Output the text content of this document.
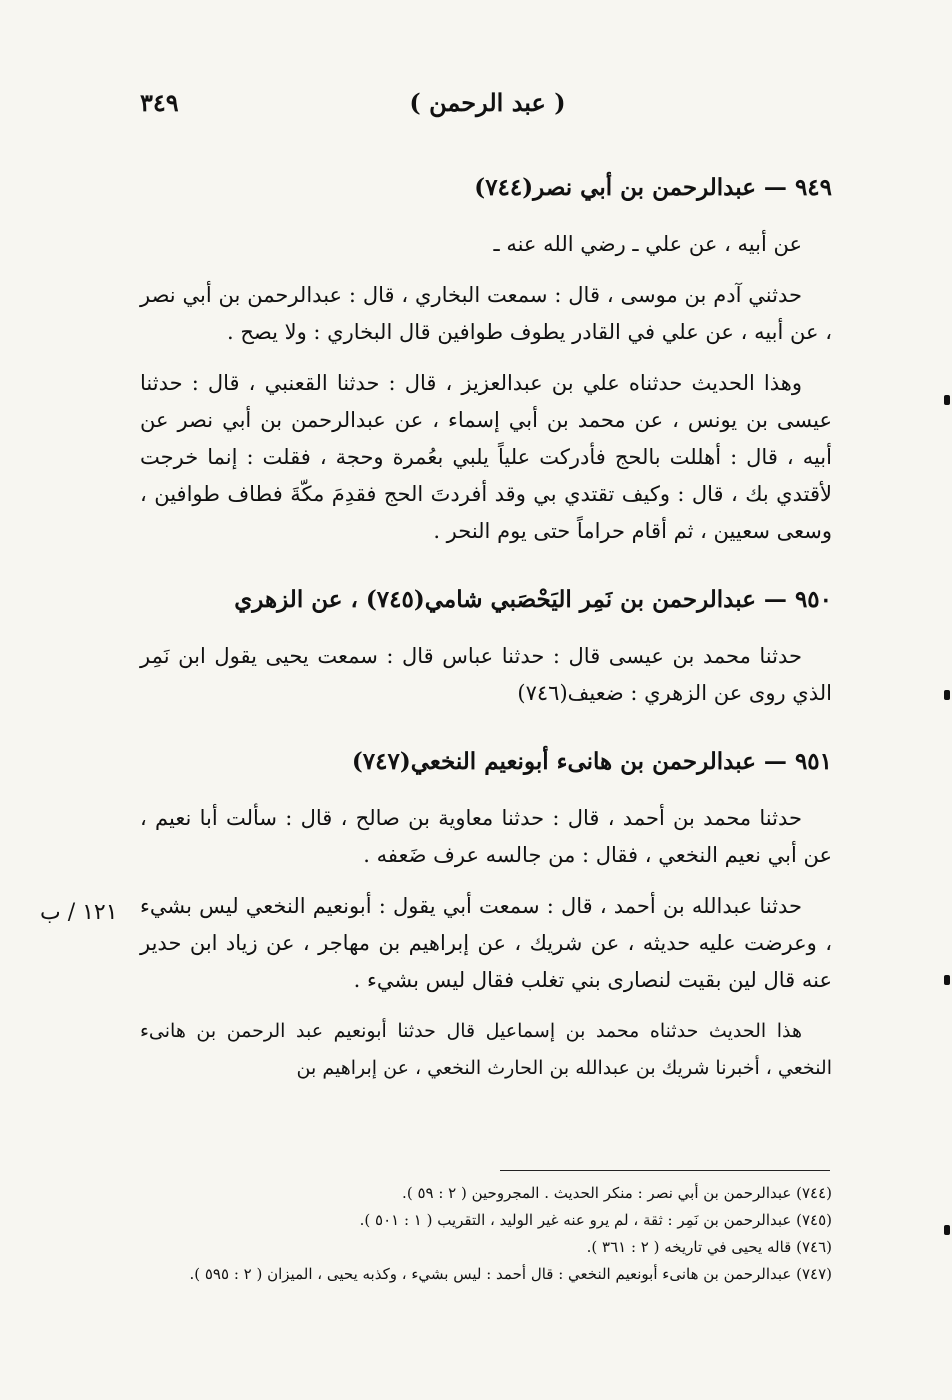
( عبد الرحمن )
٣٤٩
١٢١ / ب
٩٤٩ — عبدالرحمن بن أبي نصر(٧٤٤)

عن أبيه ، عن علي ـ رضي الله عنه ـ

حدثني آدم بن موسى ، قال : سمعت البخاري ، قال : عبدالرحمن بن أبي نصر ، عن أبيه ، عن علي في القادر يطوف طوافين قال البخاري : ولا يصح .

وهذا الحديث حدثناه علي بن عبدالعزيز ، قال : حدثنا القعنبي ، قال : حدثنا عيسى بن يونس ، عن محمد بن أبي إسماء ، عن عبدالرحمن بن أبي نصر عن أبيه ، قال : أهللت بالحج فأدركت علياً يلبي بعُمرة وحجة ، فقلت : إنما خرجت لأقتدي بك ، قال : وكيف تقتدي بي وقد أفردتَ الحج فقدِمَ مكّةَ فطاف طوافين ، وسعى سعيين ، ثم أقام حراماً حتى يوم النحر .

٩٥٠ — عبدالرحمن بن نَمِر اليَحْصَبي شامي(٧٤٥) ، عن الزهري

حدثنا محمد بن عيسى قال : حدثنا عباس قال : سمعت يحيى يقول ابن نَمِر الذي روى عن الزهري : ضعيف(٧٤٦)

٩٥١ — عبدالرحمن بن هانىء أبونعيم النخعي(٧٤٧)

حدثنا محمد بن أحمد ، قال : حدثنا معاوية بن صالح ، قال : سألت أبا نعيم ، عن أبي نعيم النخعي ، فقال : من جالسه عرف ضَعفه .

حدثنا عبدالله بن أحمد ، قال : سمعت أبي يقول : أبونعيم النخعي ليس بشيء ، وعرضت عليه حديثه ، عن شريك ، عن إبراهيم بن مهاجر ، عن زياد ابن حدير عنه قال لين بقيت لنصارى بني تغلب فقال ليس بشيء .

هذا الحديث حدثناه محمد بن إسماعيل قال حدثنا أبونعيم عبد الرحمن بن هانىء النخعي ، أخبرنا شريك بن عبدالله بن الحارث النخعي ، عن إبراهيم بن

(٧٤٤) عبدالرحمن بن أبي نصر : منكر الحديث . المجروحين ( ٢ : ٥٩ ).
(٧٤٥) عبدالرحمن بن نَمِر : ثقة ، لم يرو عنه غير الوليد ، التقريب ( ١ : ٥٠١ ).
(٧٤٦) قاله يحيى في تاريخه ( ٢ : ٣٦١ ).
(٧٤٧) عبدالرحمن بن هانىء أبونعيم النخعي : قال أحمد : ليس بشيء ، وكذبه يحيى ، الميزان ( ٢ : ٥٩٥ ).
